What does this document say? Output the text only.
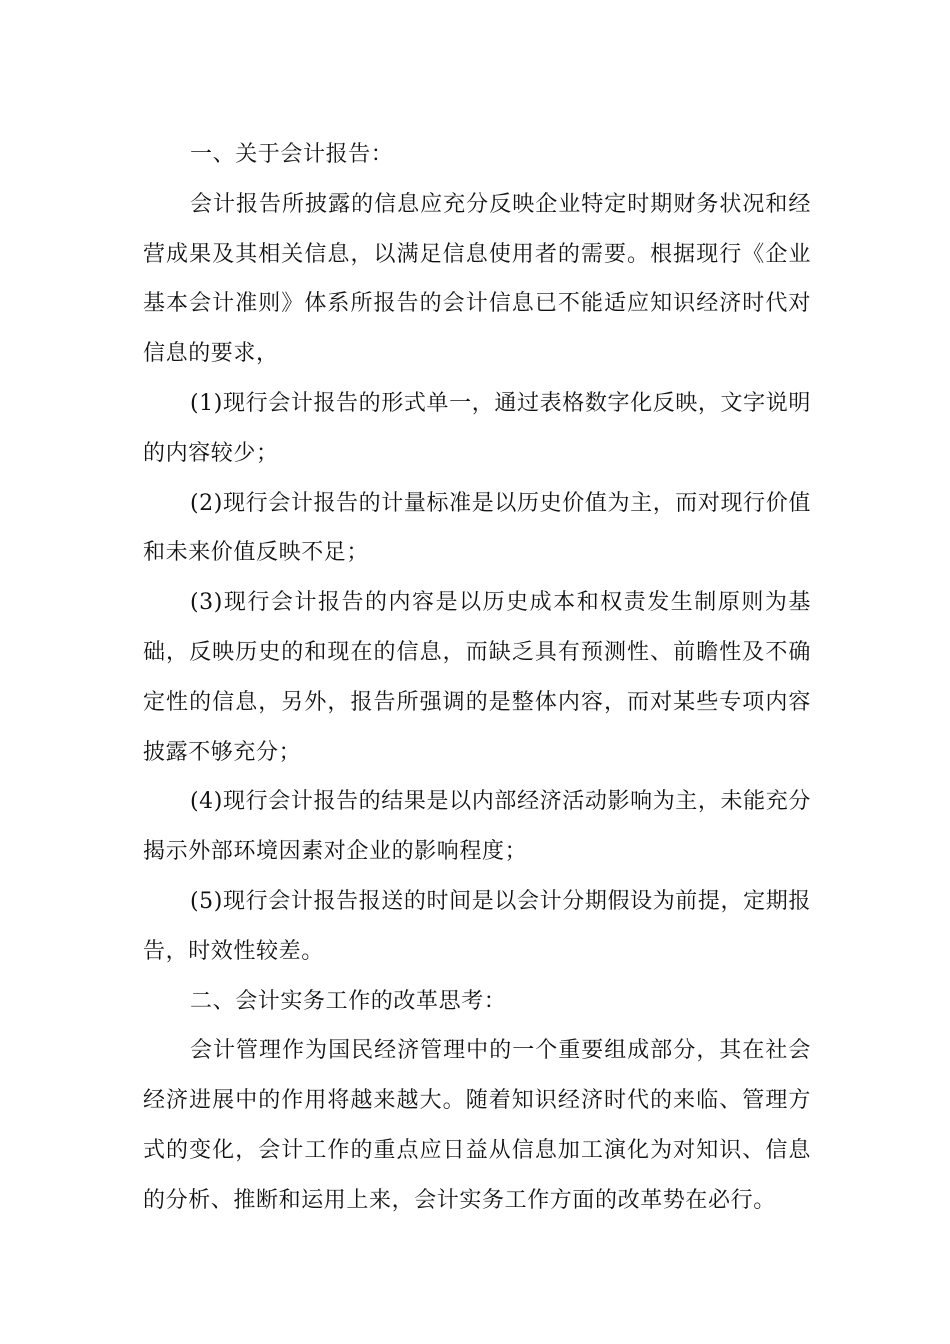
一、关于会计报告：

会计报告所披露的信息应充分反映企业特定时期财务状况和经营成果及其相关信息，以满足信息使用者的需要。根据现行《企业基本会计准则》体系所报告的会计信息已不能适应知识经济时代对信息的要求，

(1)现行会计报告的形式单一，通过表格数字化反映，文字说明的内容较少；

(2)现行会计报告的计量标准是以历史价值为主，而对现行价值和未来价值反映不足；

(3)现行会计报告的内容是以历史成本和权责发生制原则为基础，反映历史的和现在的信息，而缺乏具有预测性、前瞻性及不确定性的信息，另外，报告所强调的是整体内容，而对某些专项内容披露不够充分；

(4)现行会计报告的结果是以内部经济活动影响为主，未能充分揭示外部环境因素对企业的影响程度；

(5)现行会计报告报送的时间是以会计分期假设为前提，定期报告，时效性较差。

二、会计实务工作的改革思考：

会计管理作为国民经济管理中的一个重要组成部分，其在社会经济进展中的作用将越来越大。随着知识经济时代的来临、管理方式的变化，会计工作的重点应日益从信息加工演化为对知识、信息的分析、推断和运用上来，会计实务工作方面的改革势在必行。
